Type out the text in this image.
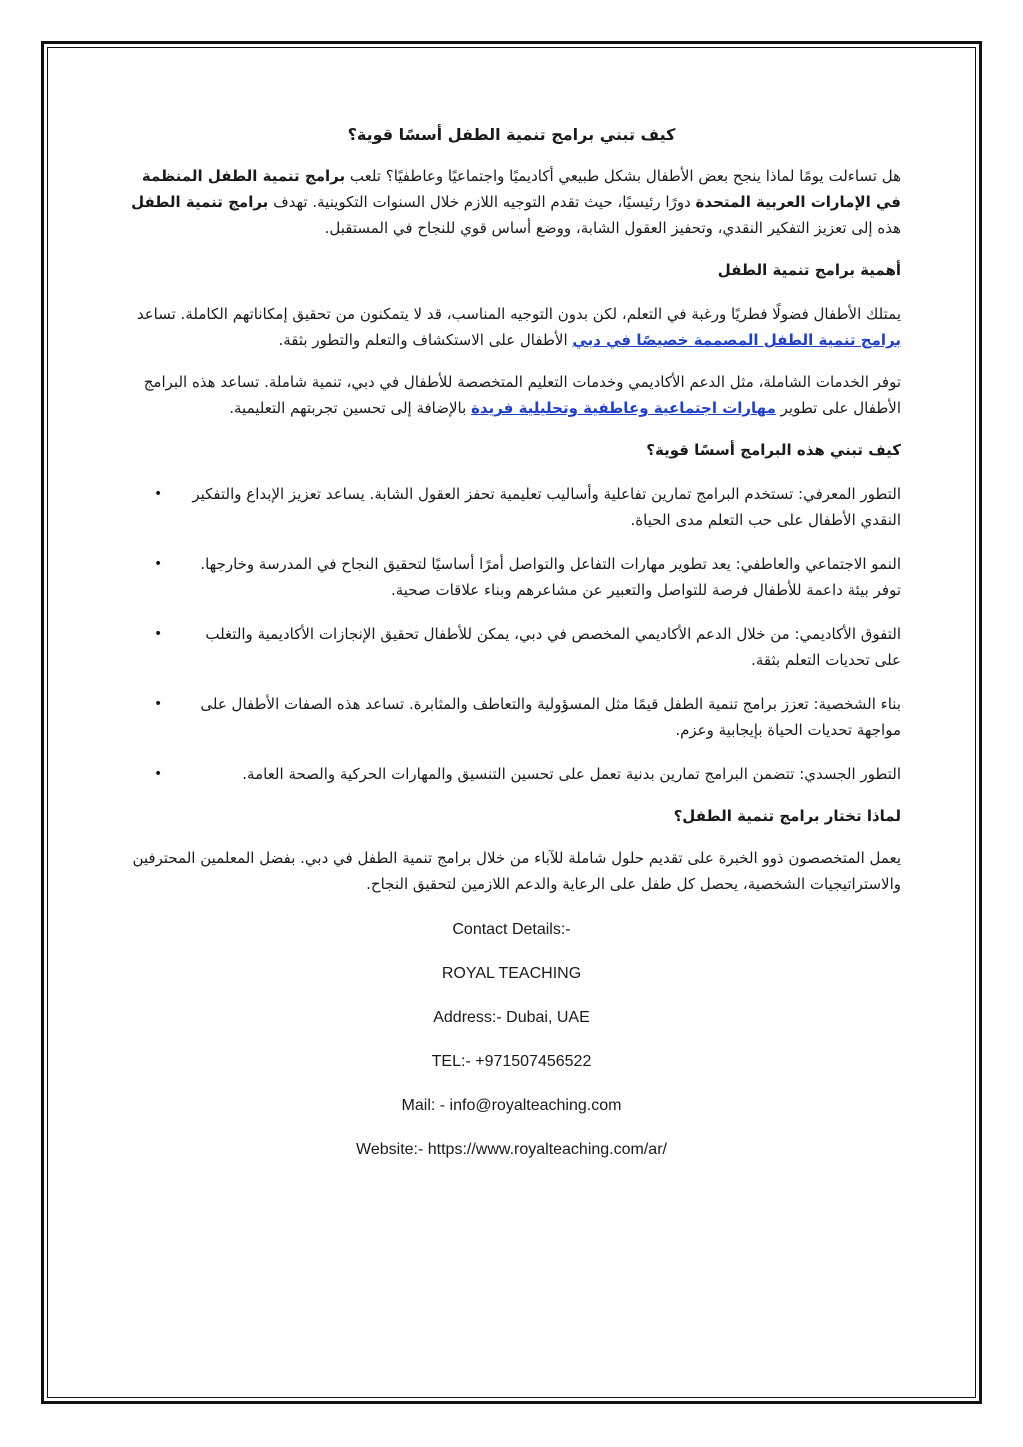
كيف تبني برامج تنمية الطفل أسسًا قوية؟

هل تساءلت يومًا لماذا ينجح بعض الأطفال بشكل طبيعي أكاديميًا واجتماعيًا وعاطفيًا؟ تلعب برامج تنمية الطفل المنظمة في الإمارات العربية المتحدة دورًا رئيسيًا، حيث تقدم التوجيه اللازم خلال السنوات التكوينية. تهدف برامج تنمية الطفل هذه إلى تعزيز التفكير النقدي، وتحفيز العقول الشابة، ووضع أساس قوي للنجاح في المستقبل.

أهمية برامج تنمية الطفل

يمتلك الأطفال فضولًا فطريًا ورغبة في التعلم، لكن بدون التوجيه المناسب، قد لا يتمكنون من تحقيق إمكاناتهم الكاملة. تساعد برامج تنمية الطفل المصممة خصيصًا في دبي الأطفال على الاستكشاف والتعلم والتطور بثقة.

توفر الخدمات الشاملة، مثل الدعم الأكاديمي وخدمات التعليم المتخصصة للأطفال في دبي، تنمية شاملة. تساعد هذه البرامج الأطفال على تطوير مهارات اجتماعية وعاطفية وتحليلية فريدة بالإضافة إلى تحسين تجربتهم التعليمية.

كيف تبني هذه البرامج أسسًا قوية؟
•	التطور المعرفي: تستخدم البرامج تمارين تفاعلية وأساليب تعليمية تحفز العقول الشابة. يساعد تعزيز الإبداع والتفكير النقدي الأطفال على حب التعلم مدى الحياة.
•	النمو الاجتماعي والعاطفي: يعد تطوير مهارات التفاعل والتواصل أمرًا أساسيًا لتحقيق النجاح في المدرسة وخارجها. توفر بيئة داعمة للأطفال فرصة للتواصل والتعبير عن مشاعرهم وبناء علاقات صحية.
•	التفوق الأكاديمي: من خلال الدعم الأكاديمي المخصص في دبي، يمكن للأطفال تحقيق الإنجازات الأكاديمية والتغلب على تحديات التعلم بثقة.
•	بناء الشخصية: تعزز برامج تنمية الطفل قيمًا مثل المسؤولية والتعاطف والمثابرة. تساعد هذه الصفات الأطفال على مواجهة تحديات الحياة بإيجابية وعزم.
•	التطور الجسدي: تتضمن البرامج تمارين بدنية تعمل على تحسين التنسيق والمهارات الحركية والصحة العامة.
لماذا تختار برامج تنمية الطفل؟

يعمل المتخصصون ذوو الخبرة على تقديم حلول شاملة للآباء من خلال برامج تنمية الطفل في دبي. بفضل المعلمين المحترفين والاستراتيجيات الشخصية، يحصل كل طفل على الرعاية والدعم اللازمين لتحقيق النجاح.

Contact Details:-

ROYAL TEACHING

Address:- Dubai, UAE

TEL:- +971507456522

Mail: - info@royalteaching.com

Website:- https://www.royalteaching.com/ar/
